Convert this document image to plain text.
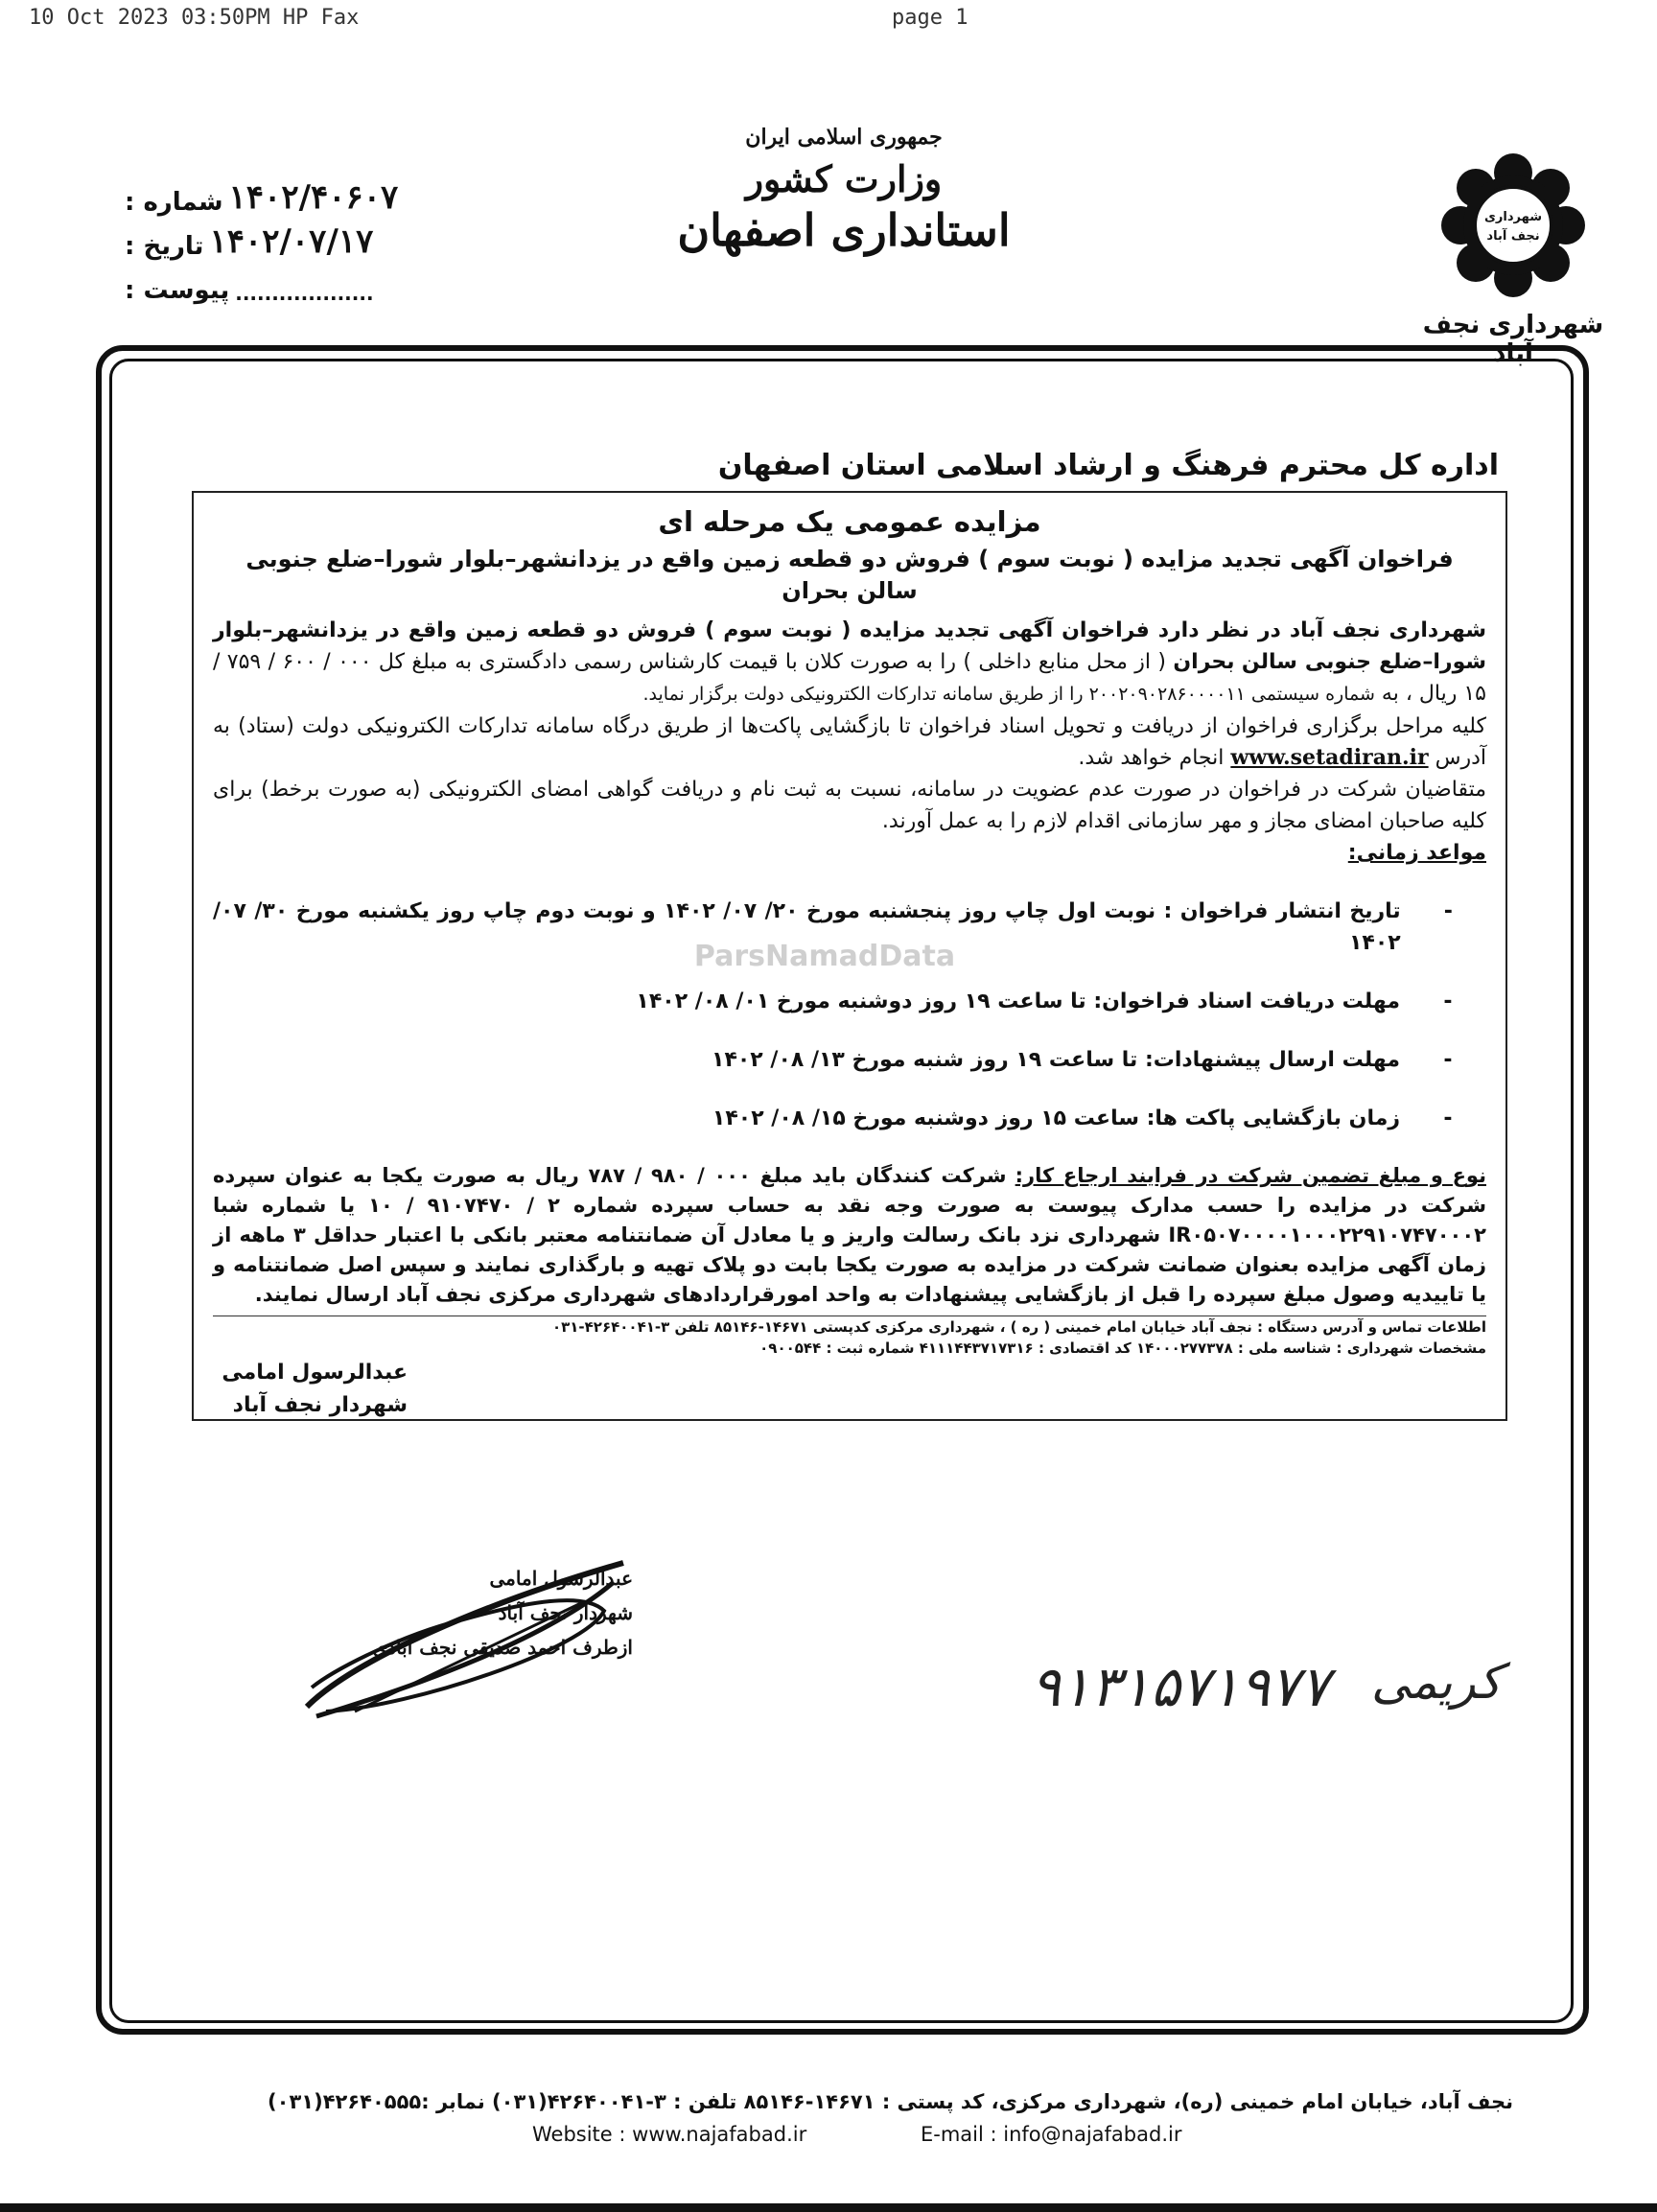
10 Oct 2023 03:50PM HP Fax	page 1
شهرداری
نجف آباد
شهرداری نجف آباد
جمهوری اسلامی ایران
وزارت کشور
استانداری اصفهان
شماره : ۱۴۰۲/۴۰۶۰۷
تاریخ : ۱۴۰۲/۰۷/۱۷
پیوست : ...................
اداره کل محترم فرهنگ و ارشاد اسلامی استان اصفهان
ParsNamadData
مزایده عمومی یک مرحله ای
فراخوان آگهی تجدید مزایده ( نوبت سوم ) فروش دو قطعه زمین واقع در یزدانشهر–بلوار شورا–ضلع جنوبی سالن بحران
شهرداری نجف آباد در نظر دارد فراخوان آگهی تجدید مزایده ( نوبت سوم ) فروش دو قطعه زمین واقع در یزدانشهر–بلوار شورا–ضلع جنوبی سالن بحران ( از محل منابع داخلی ) را به صورت کلان با قیمت کارشناس رسمی دادگستری به مبلغ کل ۰۰۰ / ۶۰۰ / ۷۵۹ / ۱۵ ریال ، به شماره سیستمی ۲۰۰۲۰۹۰۲۸۶۰۰۰۰۱۱ را از طریق سامانه تدارکات الکترونیکی دولت برگزار نماید.
کلیه مراحل برگزاری فراخوان از دریافت و تحویل اسناد فراخوان تا بازگشایی پاکت‌ها از طریق درگاه سامانه تدارکات الکترونیکی دولت (ستاد) به آدرس www.setadiran.ir انجام خواهد شد.
متقاضیان شرکت در فراخوان در صورت عدم عضویت در سامانه، نسبت به ثبت نام و دریافت گواهی امضای الکترونیکی (به صورت برخط) برای کلیه صاحبان امضای مجاز و مهر سازمانی اقدام لازم را به عمل آورند.
مواعد زمانی:
-
تاریخ انتشار فراخوان : نوبت اول چاپ روز پنجشنبه مورخ ۲۰/ ۰۷/ ۱۴۰۲ و نوبت دوم چاپ روز یکشنبه مورخ ۳۰/ ۰۷/ ۱۴۰۲
-
مهلت دریافت اسناد فراخوان: تا ساعت ۱۹ روز دوشنبه مورخ ۰۱/ ۰۸/ ۱۴۰۲
-
مهلت ارسال پیشنهادات: تا ساعت ۱۹ روز شنبه مورخ ۱۳/ ۰۸/ ۱۴۰۲
-
زمان بازگشایی پاکت ها: ساعت ۱۵ روز دوشنبه مورخ ۱۵/ ۰۸/ ۱۴۰۲
نوع و مبلغ تضمین شرکت در فرایند ارجاع کار: شرکت کنندگان باید مبلغ ۰۰۰ / ۹۸۰ / ۷۸۷ ریال به صورت یکجا به عنوان سپرده شرکت در مزایده را حسب مدارک پیوست به صورت وجه نقد به حساب سپرده شماره ۲ / ۹۱۰۷۴۷۰ / ۱۰ یا شماره شبا IR۰۵۰۷۰۰۰۰۱۰۰۰۲۲۹۱۰۷۴۷۰۰۰۲ شهرداری نزد بانک رسالت واریز و یا معادل آن ضمانتنامه معتبر بانکی با اعتبار حداقل ۳ ماهه از زمان آگهی مزایده بعنوان ضمانت شرکت در مزایده به صورت یکجا بابت دو پلاک تهیه و بارگذاری نمایند و سپس اصل ضمانتنامه و یا تاییدیه وصول مبلغ سپرده را قبل از بازگشایی پیشنهادات به واحد امورقراردادهای شهرداری مرکزی نجف آباد ارسال نمایند.
اطلاعات تماس و آدرس دستگاه : نجف آباد خیابان امام خمینی ( ره ) ، شهرداری مرکزی کدپستی ۱۴۶۷۱-۸۵۱۴۶ تلفن ۳-۴۲۶۴۰۰۴۱-۰۳۱
مشخصات شهرداری : شناسه ملی : ۱۴۰۰۰۲۷۷۳۷۸ کد اقتصادی : ۴۱۱۱۴۴۳۷۱۷۳۱۶ شماره ثبت : ۰۹۰۰۵۴۴
عبدالرسول امامی
شهردار نجف آباد
عبدالرسول امامی
شهردار نجف آباد
ازطرف احمد صدیقی نجف آبادی
۹۱۳۱۵۷۱۹۷۷ کریمی
نجف آباد، خیابان امام خمینی (ره)، شهرداری مرکزی، کد پستی : ۱۴۶۷۱-۸۵۱۴۶ تلفن : ۳-۴۲۶۴۰۰۴۱(۰۳۱) نمابر :۴۲۶۴۰۵۵۵(۰۳۱)
Website : www.najafabad.ir	E-mail : info@najafabad.ir
